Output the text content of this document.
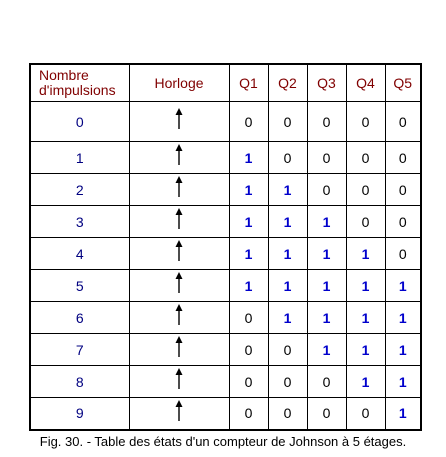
Nombre
d'impulsions	Horloge	Q1	Q2	Q3	Q4	Q5
0		0	0	0	0	0
1		1	0	0	0	0
2		1	1	0	0	0
3		1	1	1	0	0
4		1	1	1	1	0
5		1	1	1	1	1
6		0	1	1	1	1
7		0	0	1	1	1
8		0	0	0	1	1
9		0	0	0	0	1
Fig. 30. - Table des états d'un compteur de Johnson à 5 étages.
